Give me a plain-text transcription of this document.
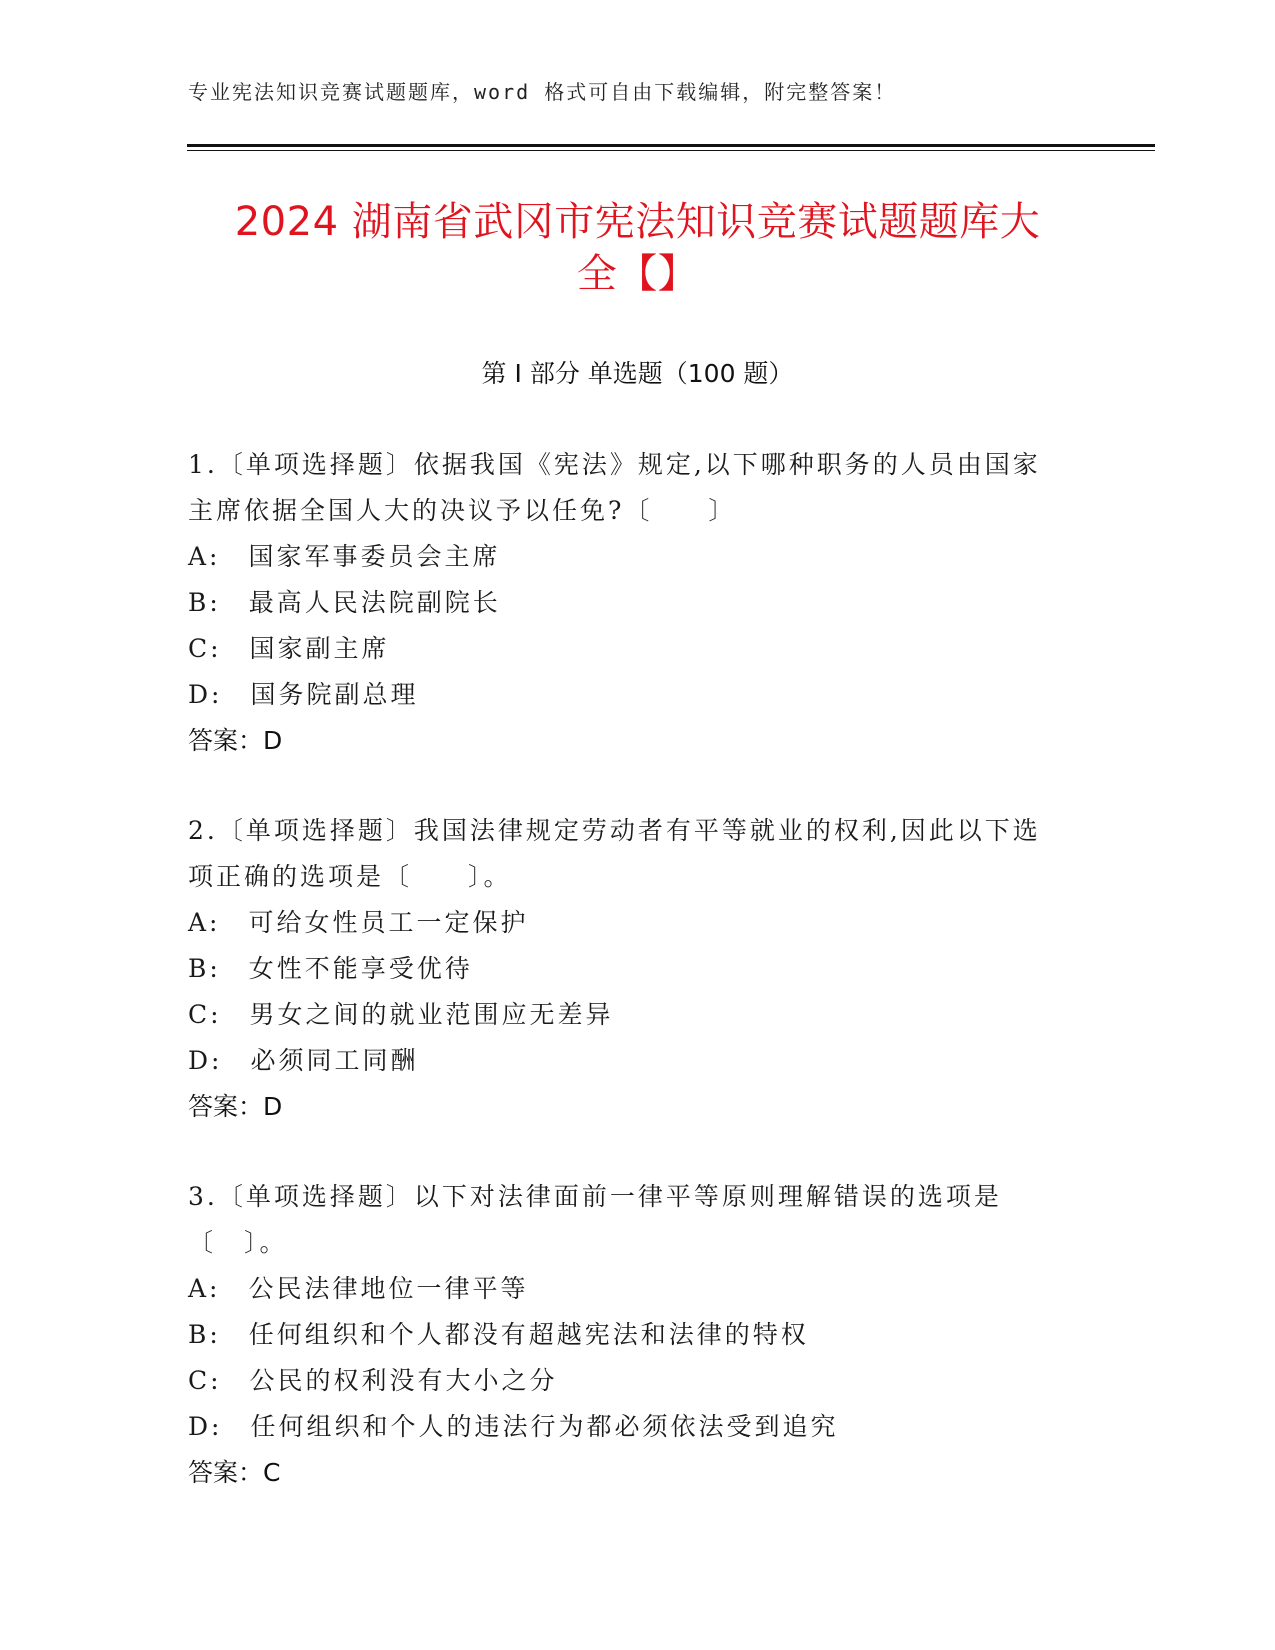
专业宪法知识竞赛试题题库，word 格式可自由下载编辑，附完整答案！
2024 湖南省武冈市宪法知识竞赛试题题库大
全【】
第 I 部分 单选题（100 题）
1.〔单项选择题〕依据我国《宪法》规定,以下哪种职务的人员由国家主席依据全国人大的决议予以任免?〔　　〕
A:　国家军事委员会主席
B:　最高人民法院副院长
C:　国家副主席
D:　国务院副总理
答案：D
2.〔单项选择题〕我国法律规定劳动者有平等就业的权利,因此以下选项正确的选项是〔　　〕。
A:　可给女性员工一定保护
B:　女性不能享受优待
C:　男女之间的就业范围应无差异
D:　必须同工同酬
答案：D
3.〔单项选择题〕以下对法律面前一律平等原则理解错误的选项是〔　〕。
A:　公民法律地位一律平等
B:　任何组织和个人都没有超越宪法和法律的特权
C:　公民的权利没有大小之分
D:　任何组织和个人的违法行为都必须依法受到追究
答案：C
